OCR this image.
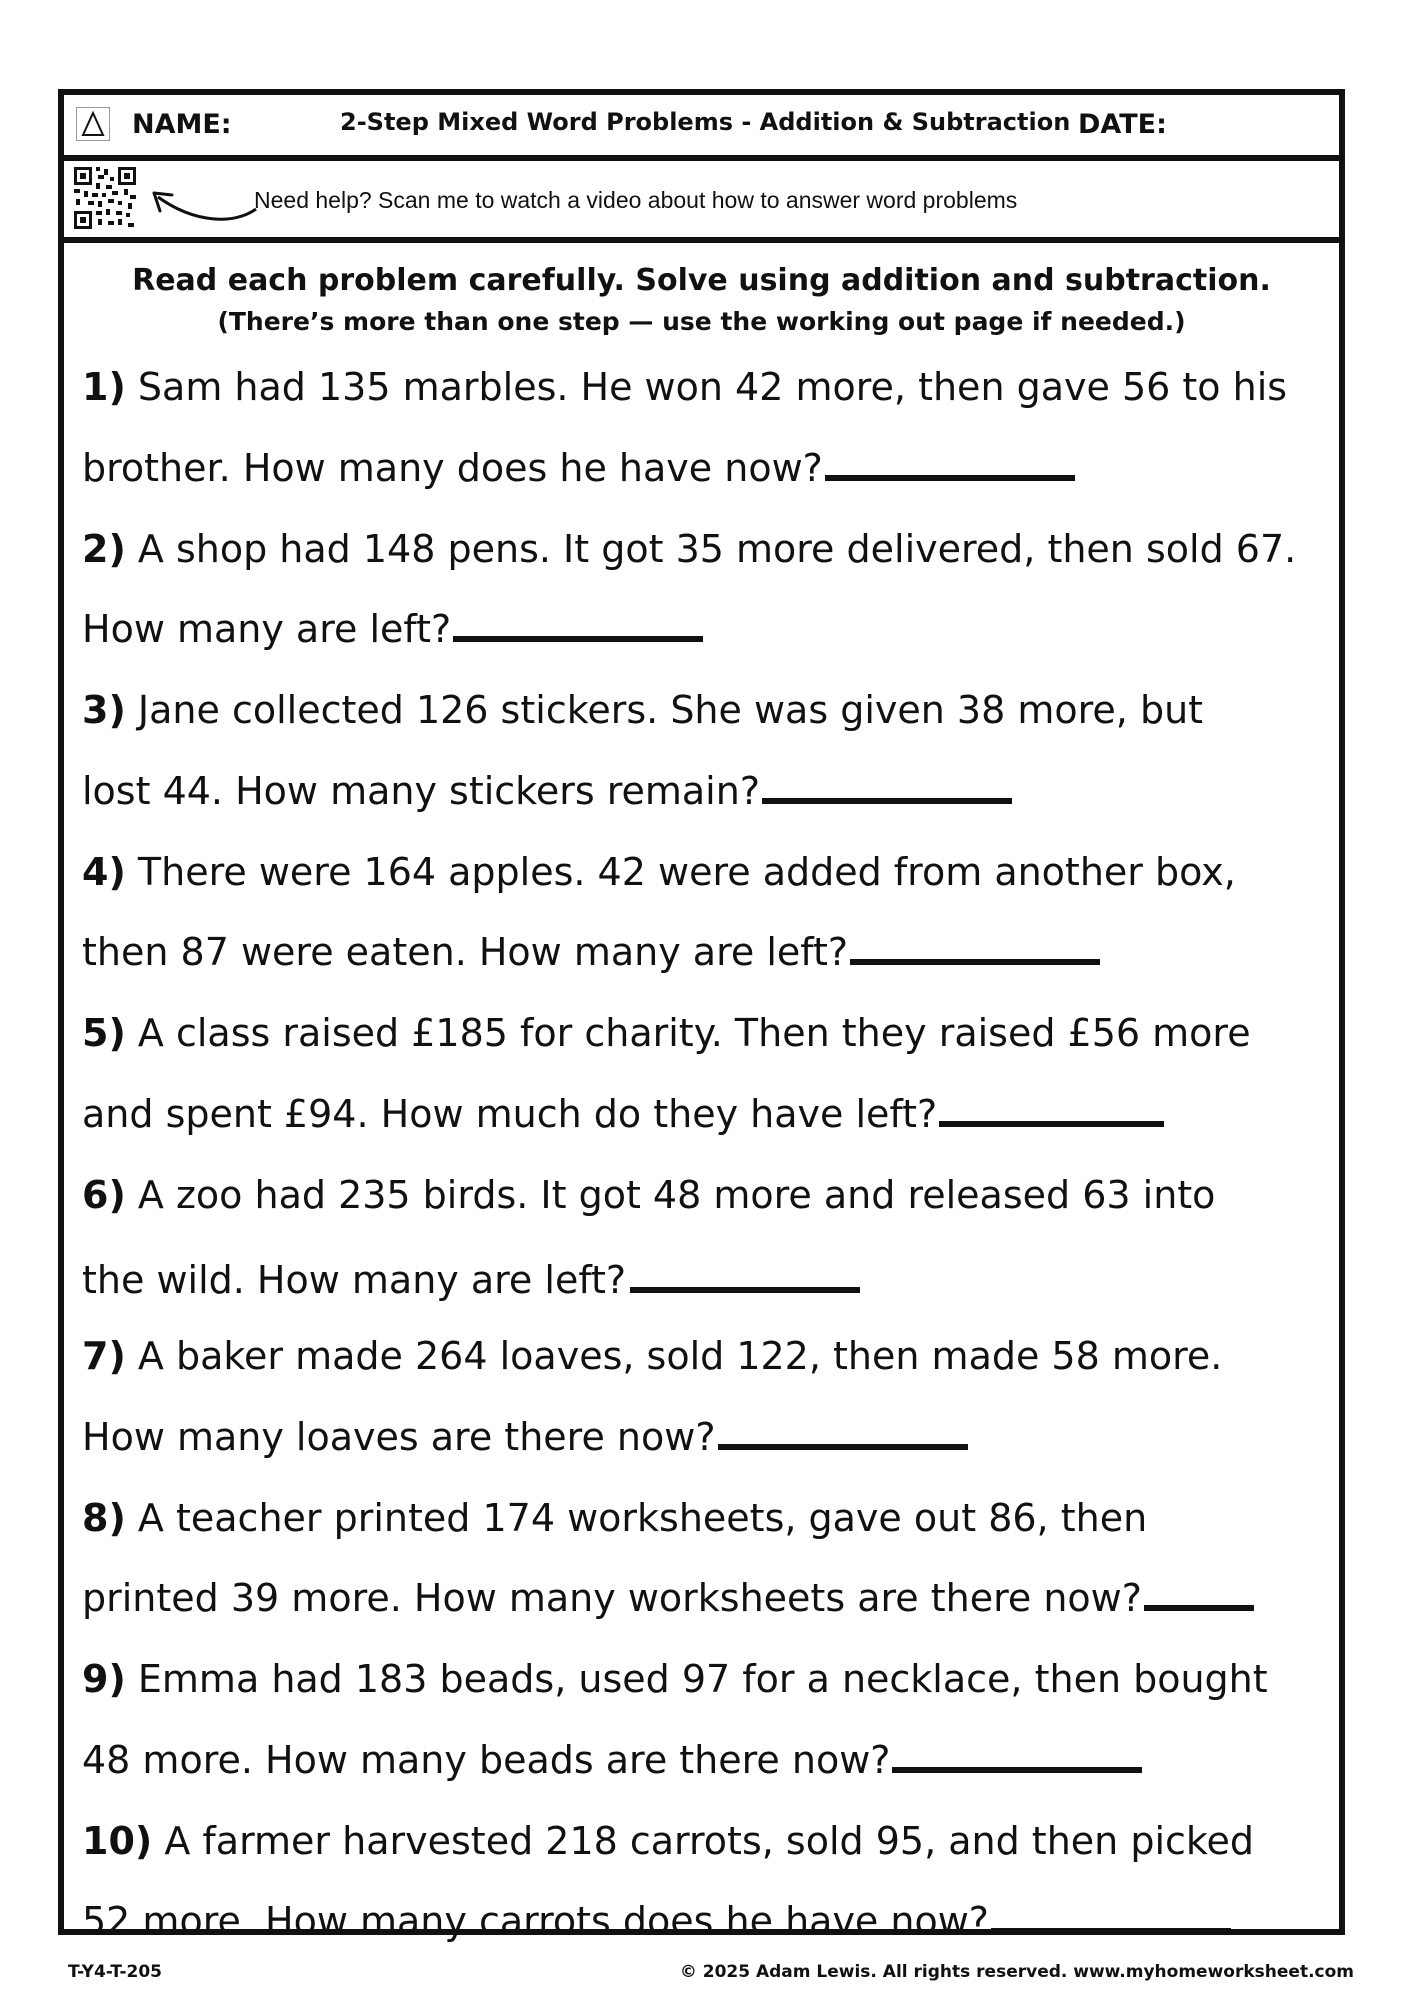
NAME:	2-Step Mixed Word Problems - Addition & Subtraction DATE:
Need help? Scan me to watch a video about how to answer word problems
Read each problem carefully. Solve using addition and subtraction.
(There’s more than one step — use the working out page if needed.)
1) Sam had 135 marbles. He won 42 more, then gave 56 to his
brother. How many does he have now?
2) A shop had 148 pens. It got 35 more delivered, then sold 67.
How many are left?
3) Jane collected 126 stickers. She was given 38 more, but
lost 44. How many stickers remain?
4) There were 164 apples. 42 were added from another box,
then 87 were eaten. How many are left?
5) A class raised £185 for charity. Then they raised £56 more
and spent £94. How much do they have left?
6) A zoo had 235 birds. It got 48 more and released 63 into
the wild. How many are left?
7) A baker made 264 loaves, sold 122, then made 58 more.
How many loaves are there now?
8) A teacher printed 174 worksheets, gave out 86, then
printed 39 more. How many worksheets are there now?
9) Emma had 183 beads, used 97 for a necklace, then bought
48 more. How many beads are there now?
10) A farmer harvested 218 carrots, sold 95, and then picked
52 more. How many carrots does he have now?
T-Y4-T-205	© 2025 Adam Lewis. All rights reserved. www.myhomeworksheet.com
